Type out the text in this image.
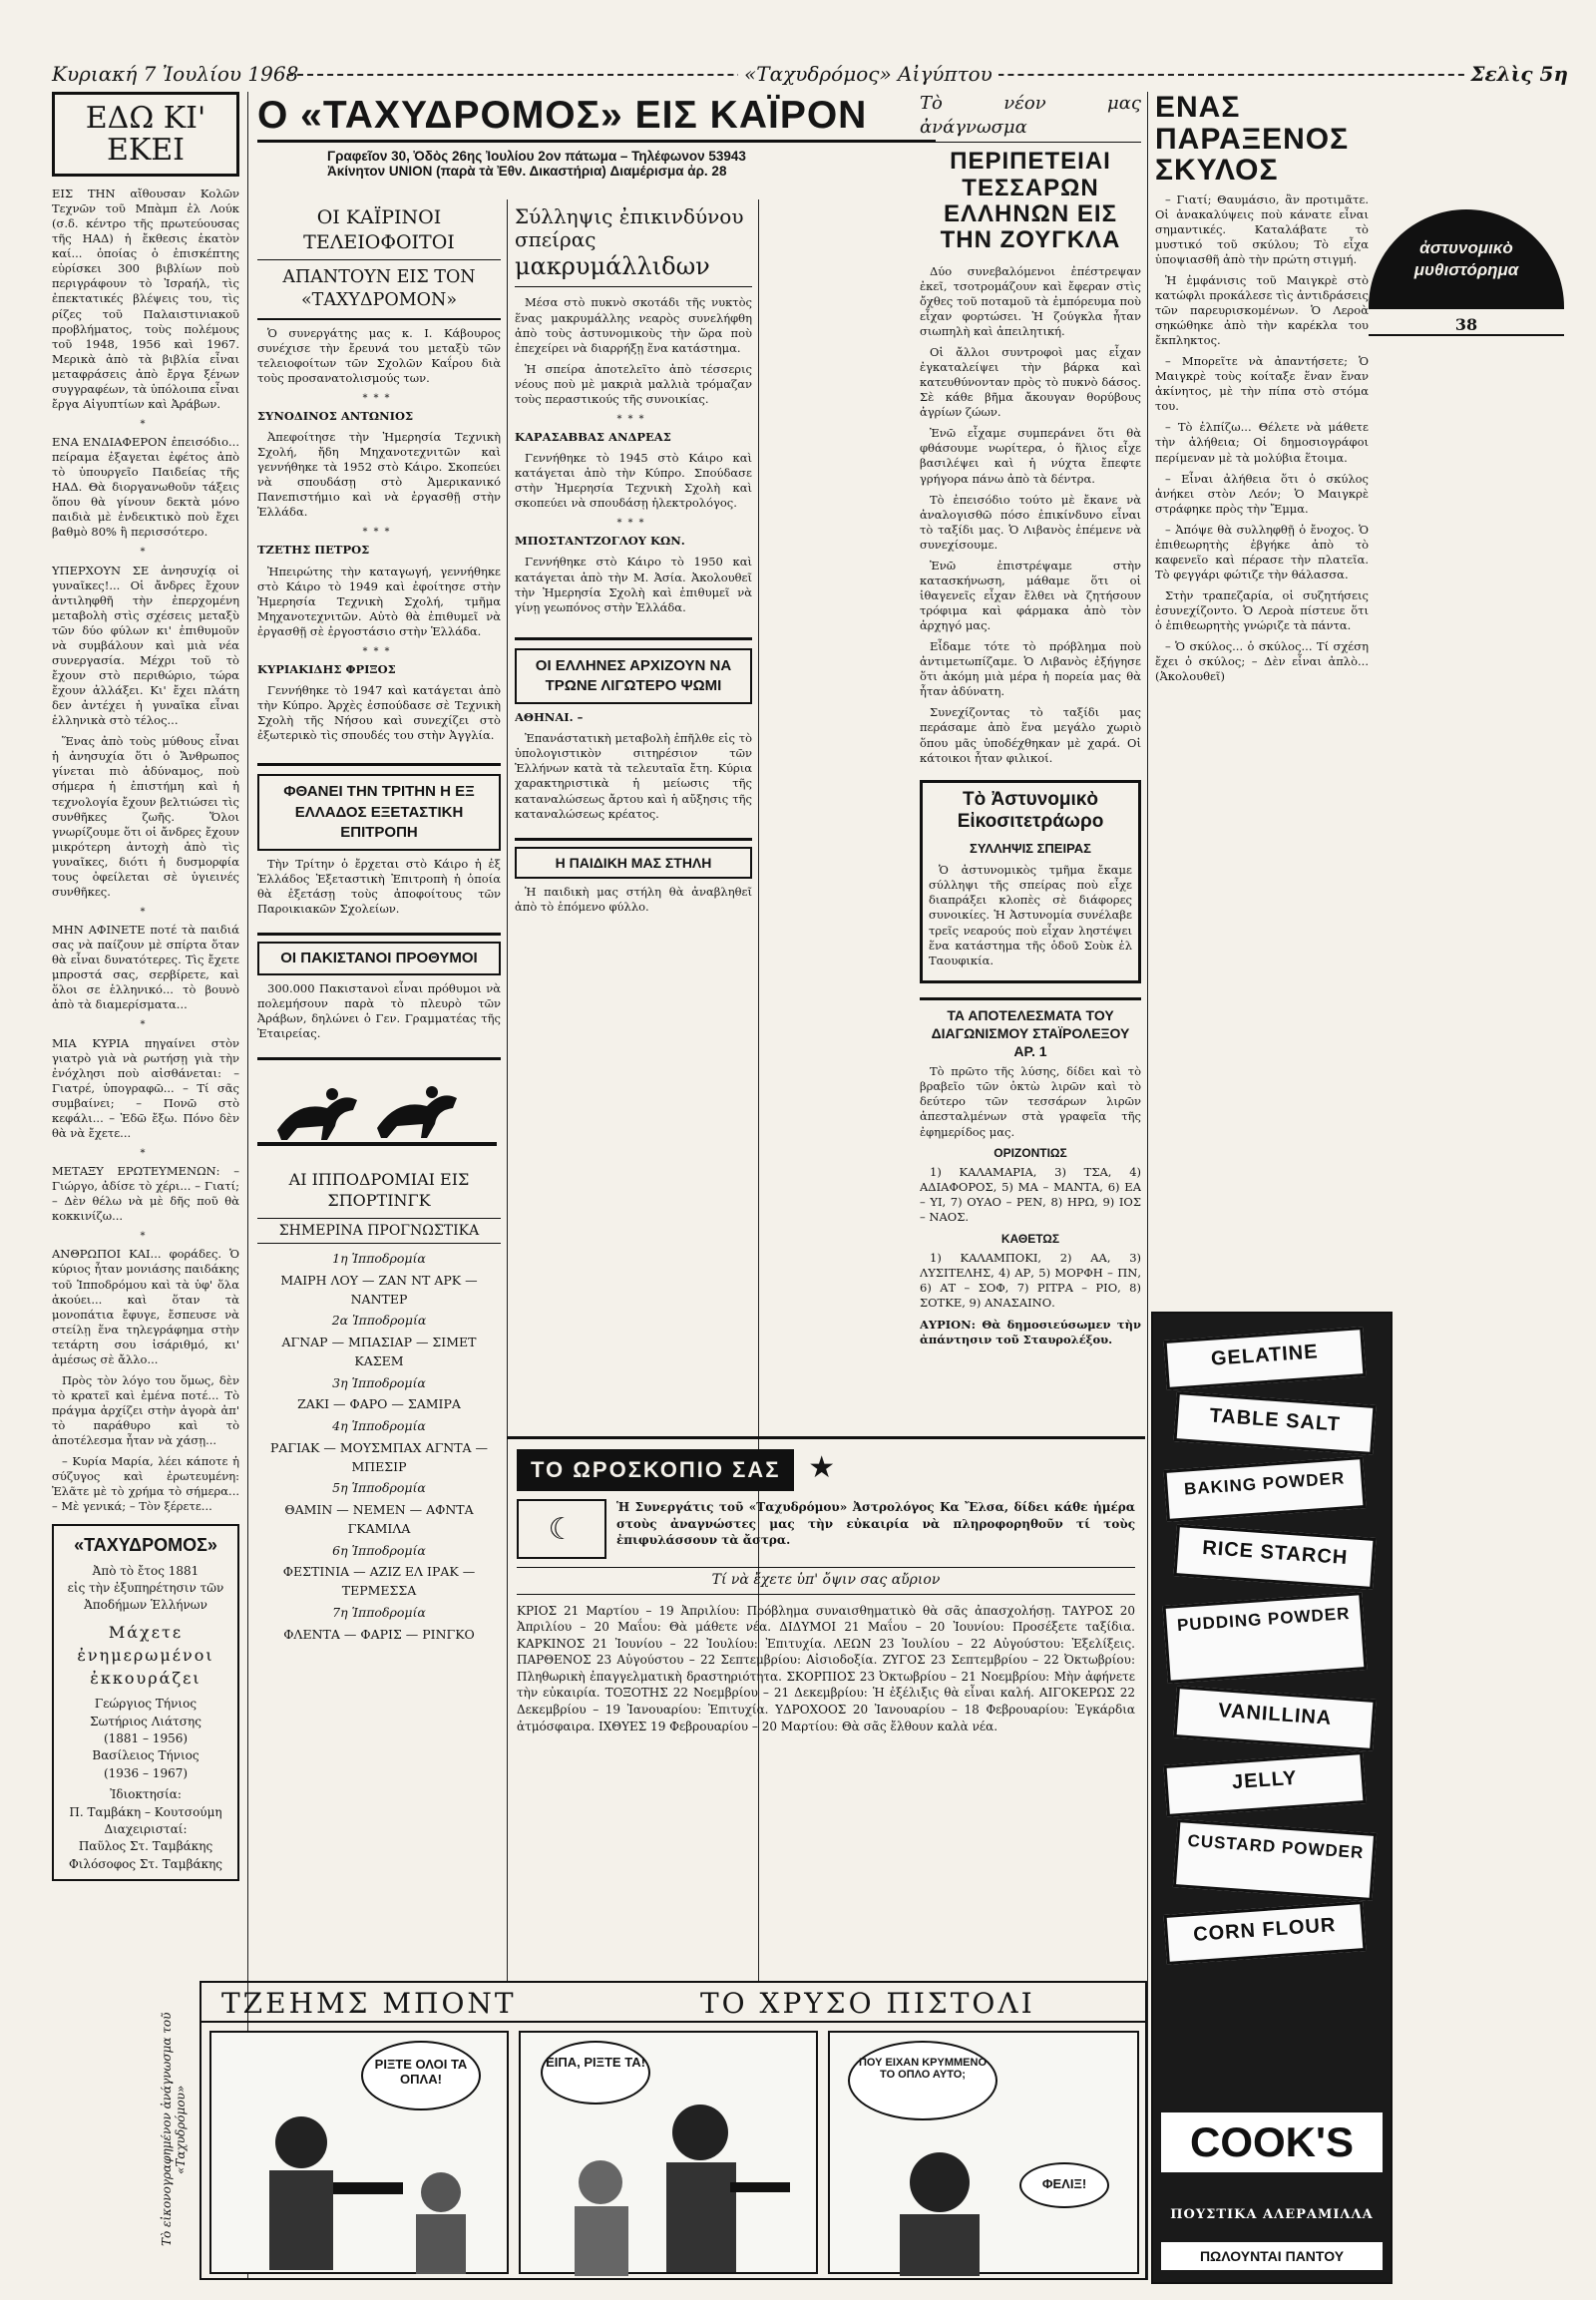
Κυριακή 7 Ἰουλίου 1968	«Ταχυδρόμος» Αἰγύπτου	Σελὶς 5η
ΕΔΩ ΚΙ' ΕΚΕΙ

ΕΙΣ ΤΗΝ αἴθουσαν Κολῶν Τεχνῶν τοῦ Μπὰμπ ἐλ Λούκ (σ.δ. κέντρο τῆς πρωτεύουσας τῆς ΗΑΔ) ἡ ἔκθεσις ἑκατὸν καί... ὁποίας ὁ ἐπισκέπτης εὑρίσκει 300 βιβλίων ποὺ περιγράφουν τὸ Ἰσραήλ, τὶς ἐπεκτατικές βλέψεις του, τὶς ρίζες τοῦ Παλαιστινιακοῦ προβλήματος, τοὺς πολέμους τοῦ 1948, 1956 καὶ 1967. Μερικὰ ἀπὸ τὰ βιβλία εἶναι μεταφράσεις ἀπὸ ἔργα ξένων συγγραφέων, τὰ ὑπόλοιπα εἶναι ἔργα Αἰγυπτίων καὶ Ἀράβων.

*

ΕΝΑ ΕΝΔΙΑΦΕΡΟΝ ἐπεισόδιο... πείραμα ἐξαγεται ἐφέτος ἀπὸ τὸ ὑπουργεῖο Παιδείας τῆς ΗΑΔ. Θὰ διοργανωθοῦν τάξεις ὅπου θὰ γίνουν δεκτὰ μόνο παιδιὰ μὲ ἐνδεικτικὸ ποὺ ἔχει βαθμὸ 80% ἢ περισσότερο.

*

ΥΠΕΡΧΟΥΝ ΣΕ ἀνησυχίᾳ οἱ γυναῖκες!... Οἱ ἄνδρες ἔχουν ἀντιληφθῆ τὴν ἐπερχομένη μεταβολὴ στὶς σχέσεις μεταξὺ τῶν δύο φύλων κι' ἐπιθυμοῦν νὰ συμβάλουν καὶ μιὰ νέα συνεργασία. Μέχρι τοῦ τὸ ἔχουν στὸ περιθώριο, τώρα ἔχουν ἀλλάξει. Κι' ἔχει πλάτη δεν ἀντέχει ἡ γυναῖκα εἶναι ἑλληνικὰ στὸ τέλος...

Ἕνας ἀπὸ τοὺς μύθους εἶναι ἡ ἀνησυχία ὅτι ὁ Ἄνθρωπος γίνεται πιὸ ἀδύναμος, ποὺ σήμερα ἡ ἐπιστήμη καὶ ἡ τεχνολογία ἔχουν βελτιώσει τὶς συνθῆκες ζωῆς. Ὅλοι γνωρίζουμε ὅτι οἱ ἄνδρες ἔχουν μικρότερη ἀντοχὴ ἀπὸ τὶς γυναῖκες, διότι ἡ δυσμορφία τους ὀφείλεται σὲ ὑγιεινές συνθῆκες.

*

ΜΗΝ ΑΦΙΝΕΤΕ ποτέ τὰ παιδιά σας νὰ παίζουν μὲ σπίρτα ὅταν θὰ εἶναι δυνατότερες. Τὶς ἔχετε μπροστά σας, σερβίρετε, καὶ ὅλοι σε ἑλληνικό... τὸ βουνὸ ἀπὸ τὰ διαμερίσματα...

*

ΜΙΑ ΚΥΡΙΑ πηγαίνει στὸν γιατρὸ γιὰ νὰ ρωτήσῃ γιὰ τὴν ἐνόχλησι ποὺ αἰσθάνεται: – Γιατρέ, ὑπογραφῶ... – Τί σᾶς συμβαίνει; – Πονῶ στὸ κεφάλι... – Ἐδῶ ἔξω. Πόνο δὲν θὰ νὰ ἔχετε...

*

ΜΕΤΑΞΥ ΕΡΩΤΕΥΜΕΝΩΝ: – Γιώργο, ἀδίσε τὸ χέρι... – Γιατί; – Δὲν θέλω νὰ μὲ δῆς ποῦ θὰ κοκκινίζω...

*

ΑΝΘΡΩΠΟΙ ΚΑΙ... φοράδες. Ὁ κύριος ἦταν μονιάσης παιδάκης τοῦ Ἱπποδρόμου καὶ τὰ ὑφ' ὅλα ἀκούει... καὶ ὅταν τὰ μονοπάτια ἔφυγε, ἔσπευσε νὰ στείλῃ ἕνα τηλεγράφημα στὴν τετάρτη σου ἰσάριθμό, κι' ἀμέσως σὲ ἄλλο...

Πρὸς τὸν λόγο του ὅμως, δὲν τὸ κρατεῖ καὶ ἐμένα ποτέ... Τὸ πράγμα ἀρχίζει στὴν ἀγορὰ ἀπ' τὸ παράθυρο καὶ τὸ ἀποτέλεσμα ἦταν νὰ χάσῃ...

– Κυρία Μαρία, λέει κάποτε ἡ σύζυγος καὶ ἐρωτευμένη: Ἐλᾶτε μὲ τὸ χρήμα τὸ σήμερα... – Μὲ γενικά; – Τὸν ξέρετε...

«ΤΑΧΥΔΡΟΜΟΣ»
Ἀπὸ τὸ ἔτος 1881
εἰς τὴν ἐξυπηρέτησιν τῶν
Ἀποδήμων Ἑλλήνων
Μάχετε ἐνημερωμένοι ἐκκουράζει
Γεώργιος Τήνιος
Σωτήριος Λιάτσης
(1881 – 1956)
Βασίλειος Τήνιος
(1936 – 1967)
Ἰδιοκτησία:
Π. Ταμβάκη – Κουτσούμη
Διαχειρισταί:
Παῦλος Στ. Ταμβάκης
Φιλόσοφος Στ. Ταμβάκης
Ο «ΤΑΧΥΔΡΟΜΟΣ» ΕΙΣ ΚΑΪΡΟΝ
Γραφεῖον 30, Ὁδὸς 26ης Ἰουλίου 2ον πάτωμα – Τηλέφωνον 53943
Ἀκίνητον UNION (παρὰ τὰ Ἐθν. Δικαστήρια) Διαμέρισμα ἀρ. 28
ΟΙ ΚΑΪΡΙΝΟΙ ΤΕΛΕΙΟΦΟΙΤΟΙ
ΑΠΑΝΤΟΥΝ ΕΙΣ ΤΟΝ «ΤΑΧΥΔΡΟΜΟΝ»

Ὁ συνεργάτης μας κ. Ι. Κάβουρος συνέχισε τὴν ἔρευνά του μεταξὺ τῶν τελειοφοίτων τῶν Σχολῶν Καΐρου διὰ τοὺς προσανατολισμούς των.

***

ΣΥΝΟΔΙΝΟΣ ΑΝΤΩΝΙΟΣ

Ἀπεφοίτησε τὴν Ἠμερησία Τεχνικὴ Σχολή, ἤδη Μηχανοτεχνιτῶν καὶ γεννήθηκε τὰ 1952 στὸ Κάιρο. Σκοπεύει νὰ σπουδάσῃ στὸ Ἀμερικανικό Πανεπιστήμιο καὶ νὰ ἐργασθῇ στὴν Ἑλλάδα.

***

ΤΖΕΤΗΣ ΠΕΤΡΟΣ

Ἠπειρώτης τὴν καταγωγή, γεννήθηκε στὸ Κάιρο τὸ 1949 καὶ ἐφοίτησε στὴν Ἠμερησία Τεχνικὴ Σχολή, τμῆμα Μηχανοτεχνιτῶν. Αὐτὸ θὰ ἐπιθυμεῖ νὰ ἐργασθῇ σὲ ἐργοστάσιο στὴν Ἑλλάδα.

***

ΚΥΡΙΑΚΙΔΗΣ ΦΡΙΞΟΣ

Γεννήθηκε τὸ 1947 καὶ κατάγεται ἀπὸ τὴν Κύπρο. Ἀρχὲς ἐσπούδασε σὲ Τεχνικὴ Σχολὴ τῆς Νήσου καὶ συνεχίζει στὸ ἐξωτερικὸ τὶς σπουδές του στὴν Ἀγγλία.

ΦΘΑΝΕΙ ΤΗΝ ΤΡΙΤΗΝ Η ΕΞ ΕΛΛΑΔΟΣ ΕΞΕΤΑΣΤΙΚΗ ΕΠΙΤΡΟΠΗ

Τὴν Τρίτην ὁ ἔρχεται στὸ Κάιρο ἡ ἐξ Ἑλλάδος Ἐξεταστικὴ Ἐπιτροπὴ ἡ ὁποία θὰ ἐξετάσῃ τοὺς ἀποφοίτους τῶν Παροικιακῶν Σχολείων.

ΟΙ ΠΑΚΙΣΤΑΝΟΙ ΠΡΟΘΥΜΟΙ

300.000 Πακιστανοὶ εἶναι πρόθυμοι νὰ πολεμήσουν παρὰ τὸ πλευρὸ τῶν Ἀράβων, δηλώνει ὁ Γεν. Γραμματέας τῆς Ἑταιρείας.

ΑΙ ΙΠΠΟΔΡΟΜΙΑΙ ΕΙΣ ΣΠΟΡΤΙΝΓΚ
ΣΗΜΕΡΙΝΑ ΠΡΟΓΝΩΣΤΙΚΑ
1η Ἱπποδρομία
ΜΑΙΡΗ ΛΟΥ — ΖΑΝ ΝΤ ΑΡΚ — ΝΑΝΤΕΡ
2α Ἱπποδρομία
ΑΓΝΑΡ — ΜΠΑΣΙΑΡ — ΣΙΜΕΤ ΚΑΣΕΜ
3η Ἱπποδρομία
ΖΑΚΙ — ΦΑΡΟ — ΣΑΜΙΡΑ
4η Ἱπποδρομία
ΡΑΓΙΑΚ — ΜΟΥΣΜΠΑΧ ΑΓΝΤΑ — ΜΠΕΣΙΡ
5η Ἱπποδρομία
ΘΑΜΙΝ — ΝΕΜΕΝ — ΑΦΝΤΑ ΓΚΑΜΙΛΑ
6η Ἱπποδρομία
ΦΕΣΤΙΝΙΑ — ΑΖΙΖ ΕΛ ΙΡΑΚ — ΤΕΡΜΕΣΣΑ
7η Ἱπποδρομία
ΦΛΕΝΤΑ — ΦΑΡΙΣ — ΡΙΝΓΚΟ
Σύλληψις ἐπικινδύνου σπείρας
μακρυμάλλιδων

Μέσα στὸ πυκνὸ σκοτάδι τῆς νυκτὸς ἕνας μακρυμάλλης νεαρὸς συνελήφθη ἀπὸ τοὺς ἀστυνομικοὺς τὴν ὥρα ποὺ ἐπεχείρει νὰ διαρρήξῃ ἕνα κατάστημα.

Ἡ σπείρα ἀποτελεῖτο ἀπὸ τέσσερις νέους ποὺ μὲ μακριὰ μαλλιὰ τρόμαζαν τοὺς περαστικούς τῆς συνοικίας.

***

ΚΑΡΑΣΑΒΒΑΣ ΑΝΔΡΕΑΣ

Γεννήθηκε τὸ 1945 στὸ Κάιρο καὶ κατάγεται ἀπὸ τὴν Κύπρο. Σπούδασε στὴν Ἠμερησία Τεχνικὴ Σχολὴ καὶ σκοπεύει νὰ σπουδάσῃ ἠλεκτρολόγος.

***

ΜΠΟΣΤΑΝΤΖΟΓΛΟΥ ΚΩΝ.

Γεννήθηκε στὸ Κάιρο τὸ 1950 καὶ κατάγεται ἀπὸ τὴν Μ. Ἀσία. Ἀκολουθεῖ τὴν Ἠμερησία Σχολὴ καὶ ἐπιθυμεῖ νὰ γίνῃ γεωπόνος στὴν Ἑλλάδα.

ΟΙ ΕΛΛΗΝΕΣ ΑΡΧΙΖΟΥΝ ΝΑ ΤΡΩΝΕ ΛΙΓΩΤΕΡΟ ΨΩΜΙ

ΑΘΗΝΑΙ. –

Ἐπανάστατικὴ μεταβολὴ ἐπῆλθε εἰς τὸ ὑπολογιστικὸν σιτηρέσιον τῶν Ἑλλήνων κατὰ τὰ τελευταῖα ἔτη. Κύρια χαρακτηριστικὰ ἡ μείωσις τῆς καταναλώσεως ἄρτου καὶ ἡ αὔξησις τῆς καταναλώσεως κρέατος.

Η ΠΑΙΔΙΚΗ ΜΑΣ ΣΤΗΛΗ

Ἡ παιδικὴ μας στήλη θὰ ἀναβληθεῖ ἀπὸ τὸ ἑπόμενο φύλλο.

ΤΟ ΩΡΟΣΚΟΠΙΟ ΣΑΣ ★
☾

Ἡ Συνεργάτις τοῦ «Ταχυδρόμου» Ἀστρολόγος Κα Ἔλσα, δίδει κάθε ἡμέρα στοὺς ἀναγνώστες μας τὴν εὐκαιρία νὰ πληροφορηθοῦν τί τοὺς ἐπιφυλάσσουν τὰ ἄστρα.

Τί νὰ ἔχετε ὑπ' ὄψιν σας αὔριον

ΚΡΙΟΣ 21 Μαρτίου – 19 Ἀπριλίου: Πρόβλημα συναισθηματικὸ θὰ σᾶς ἀπασχολήσῃ. ΤΑΥΡΟΣ 20 Ἀπριλίου – 20 Μαΐου: Θὰ μάθετε νέα. ΔΙΔΥΜΟΙ 21 Μαΐου – 20 Ἰουνίου: Προσέξετε ταξίδια. ΚΑΡΚΙΝΟΣ 21 Ἰουνίου – 22 Ἰουλίου: Ἐπιτυχία. ΛΕΩΝ 23 Ἰουλίου – 22 Αὐγούστου: Ἐξελίξεις. ΠΑΡΘΕΝΟΣ 23 Αὐγούστου – 22 Σεπτεμβρίου: Αἰσιοδοξία. ΖΥΓΟΣ 23 Σεπτεμβρίου – 22 Ὀκτωβρίου: Πληθωρικὴ ἐπαγγελματικὴ δραστηριότητα. ΣΚΟΡΠΙΟΣ 23 Ὀκτωβρίου – 21 Νοεμβρίου: Μὴν ἀφήνετε τὴν εὐκαιρία. ΤΟΞΟΤΗΣ 22 Νοεμβρίου – 21 Δεκεμβρίου: Ἡ ἐξέλιξις θὰ εἶναι καλή. ΑΙΓΟΚΕΡΩΣ 22 Δεκεμβρίου – 19 Ἰανουαρίου: Ἐπιτυχία. ΥΔΡΟΧΟΟΣ 20 Ἰανουαρίου – 18 Φεβρουαρίου: Ἐγκάρδια ἀτμόσφαιρα. ΙΧΘΥΕΣ 19 Φεβρουαρίου – 20 Μαρτίου: Θὰ σᾶς ἔλθουν καλὰ νέα.

Τὸ νέον μας ἀνάγνωσμα
ΠΕΡΙΠΕΤΕΙΑΙ ΤΕΣΣΑΡΩΝ ΕΛΛΗΝΩΝ ΕΙΣ ΤΗΝ ΖΟΥΓΚΛΑ

Δύο συνεβαλόμενοι ἐπέστρεψαν ἐκεῖ, τσοτρομάζουν καὶ ἔφεραν στὶς ὄχθες τοῦ ποταμοῦ τὰ ἐμπόρευμα ποὺ εἶχαν φορτώσει. Ἡ ζούγκλα ἦταν σιωπηλὴ καὶ ἀπειλητική.

Οἱ ἄλλοι συντροφοὶ μας εἶχαν ἐγκαταλείψει τὴν βάρκα καὶ κατευθύνονταν πρὸς τὸ πυκνὸ δάσος. Σὲ κάθε βῆμα ἄκουγαν θορύβους ἀγρίων ζώων.

Ἐνῶ εἶχαμε συμπεράνει ὅτι θὰ φθάσουμε νωρίτερα, ὁ ἥλιος εἶχε βασιλέψει καὶ ἡ νύχτα ἔπεφτε γρήγορα πάνω ἀπὸ τὰ δέντρα.

Τὸ ἐπεισόδιο τούτο μὲ ἔκανε νὰ ἀναλογισθῶ πόσο ἐπικίνδυνο εἶναι τὸ ταξίδι μας. Ὁ Λιβανὸς ἐπέμενε νὰ συνεχίσουμε.

Ἐνῶ ἐπιστρέψαμε στὴν κατασκήνωση, μάθαμε ὅτι οἱ ἰθαγενεῖς εἶχαν ἔλθει νὰ ζητήσουν τρόφιμα καὶ φάρμακα ἀπὸ τὸν ἀρχηγό μας.

Εἶδαμε τότε τὸ πρόβλημα ποὺ ἀντιμετωπίζαμε. Ὁ Λιβανὸς ἐξήγησε ὅτι ἀκόμη μιὰ μέρα ἡ πορεία μας θὰ ἦταν ἀδύνατη.

Συνεχίζοντας τὸ ταξίδι μας περάσαμε ἀπὸ ἕνα μεγάλο χωριὸ ὅπου μᾶς ὑποδέχθηκαν μὲ χαρά. Οἱ κάτοικοι ἦταν φιλικοί.

Τὸ Ἀστυνομικὸ Εἰκοσιτετράωρο
ΣΥΛΛΗΨΙΣ ΣΠΕΙΡΑΣ

Ὁ ἀστυνομικὸς τμῆμα ἔκαμε σύλληψι τῆς σπείρας ποὺ εἶχε διαπράξει κλοπὲς σὲ διάφορες συνοικίες. Ἡ Ἀστυνομία συνέλαβε τρεῖς νεαρούς ποὺ εἶχαν ληστέψει ἕνα κατάστημα τῆς ὁδοῦ Σοὺκ ἐλ Ταουφικία.

ΤΑ ΑΠΟΤΕΛΕΣΜΑΤΑ ΤΟΥ ΔΙΑΓΩΝΙΣΜΟΥ ΣΤΑΪΡΟΛΕΞΟΥ ΑΡ. 1

Τὸ πρῶτο τῆς λύσης, δίδει καὶ τὸ βραβεῖο τῶν ὀκτὼ λιρῶν καὶ τὸ δεύτερο τῶν τεσσάρων λιρῶν ἀπεσταλμένων στὰ γραφεῖα τῆς ἐφημερίδος μας.

ΟΡΙΖΟΝΤΙΩΣ

1) ΚΑΛΑΜΑΡΙΑ, 3) ΤΣΑ, 4) ΑΔΙΑΦΟΡΟΣ, 5) ΜΑ – ΜΑΝΤΑ, 6) ΕΑ – ΥΙ, 7) ΟΥΑΟ – ΡΕΝ, 8) ΗΡΩ, 9) ΙΟΣ – ΝΑΟΣ.

ΚΑΘΕΤΩΣ

1) ΚΑΛΑΜΠΟΚΙ, 2) ΑΑ, 3) ΛΥΣΙΤΕΛΗΣ, 4) ΑΡ, 5) ΜΟΡΦΗ – ΠΝ, 6) ΑΤ – ΣΟΦ, 7) ΡΙΤΡΑ – ΡΙΟ, 8) ΣΟΤΚΕ, 9) ΑΝΑΣΑΙΝΟ.

ΑΥΡΙΟΝ: Θὰ δημοσιεύσωμεν τὴν ἀπάντησιν τοῦ Σταυρολέξου.

ΕΝΑΣ ΠΑΡΑΞΕΝΟΣ ΣΚΥΛΟΣ

– Γιατί; Θαυμάσιο, ἂν προτιμᾶτε. Οἱ ἀνακαλύψεις ποὺ κάνατε εἶναι σημαντικές. Καταλάβατε τὸ μυστικό τοῦ σκύλου; Τὸ εἶχα ὑποψιασθῆ ἀπὸ τὴν πρώτη στιγμή.

Ἡ ἐμφάνισις τοῦ Μαιγκρὲ στὸ κατώφλι προκάλεσε τὶς ἀντιδράσεις τῶν παρευρισκομένων. Ὁ Λεροὰ σηκώθηκε ἀπὸ τὴν καρέκλα του ἔκπληκτος.

– Μπορεῖτε νὰ ἀπαντήσετε; Ὁ Μαιγκρὲ τοὺς κοίταξε ἕναν ἕναν ἀκίνητος, μὲ τὴν πίπα στὸ στόμα του.

– Τὸ ἐλπίζω... Θέλετε νὰ μάθετε τὴν ἀλήθεια; Οἱ δημοσιογράφοι περίμεναν μὲ τὰ μολύβια ἕτοιμα.

– Εἶναι ἀλήθεια ὅτι ὁ σκύλος ἀνήκει στὸν Λεόν; Ὁ Μαιγκρὲ στράφηκε πρὸς τὴν Ἔμμα.

– Ἀπόψε θὰ συλληφθῇ ὁ ἔνοχος. Ὁ ἐπιθεωρητὴς ἐβγήκε ἀπὸ τὸ καφενεῖο καὶ πέρασε τὴν πλατεῖα. Τὸ φεγγάρι φώτιζε τὴν θάλασσα.

Στὴν τραπεζαρία, οἱ συζητήσεις ἐσυνεχίζοντο. Ὁ Λεροὰ πίστευε ὅτι ὁ ἐπιθεωρητὴς γνώριζε τὰ πάντα.

– Ὁ σκύλος... ὁ σκύλος... Τί σχέση ἔχει ὁ σκύλος; – Δὲν εἶναι ἀπλὸ... (Ἀκολουθεῖ)

ἀστυνομικὸ
μυθιστόρημα
38
GELATINE
TABLE SALT
BAKING POWDER
RICE STARCH
PUDDING POWDER
VANILLINA
JELLY
CUSTARD POWDER
CORN FLOUR
COOK'S
ΠΟΥΣΤΙΚΑ ΑΛΕΡΑΜΙΛΛΑ
ΠΩΛΟΥΝΤΑΙ ΠΑΝΤΟΥ
Τὸ εἰκονογραφημένον ἀνάγνωσμα τοῦ «Ταχυδρόμου»
ΤΖΕΗΜΣ ΜΠΟΝΤ	ΤΟ ΧΡΥΣΟ ΠΙΣΤΟΛΙ
ΡΙΞΤΕ ΟΛΟΙ ΤΑ ΟΠΛΑ!
ΕΙΠΑ, ΡΙΞΤΕ ΤΑ!	ΠΟΥ ΕΙΧΑΝ ΚΡΥΜΜΕΝΟ ΤΟ ΟΠΛΟ ΑΥΤΟ;
ΦΕΛΙΞ!
